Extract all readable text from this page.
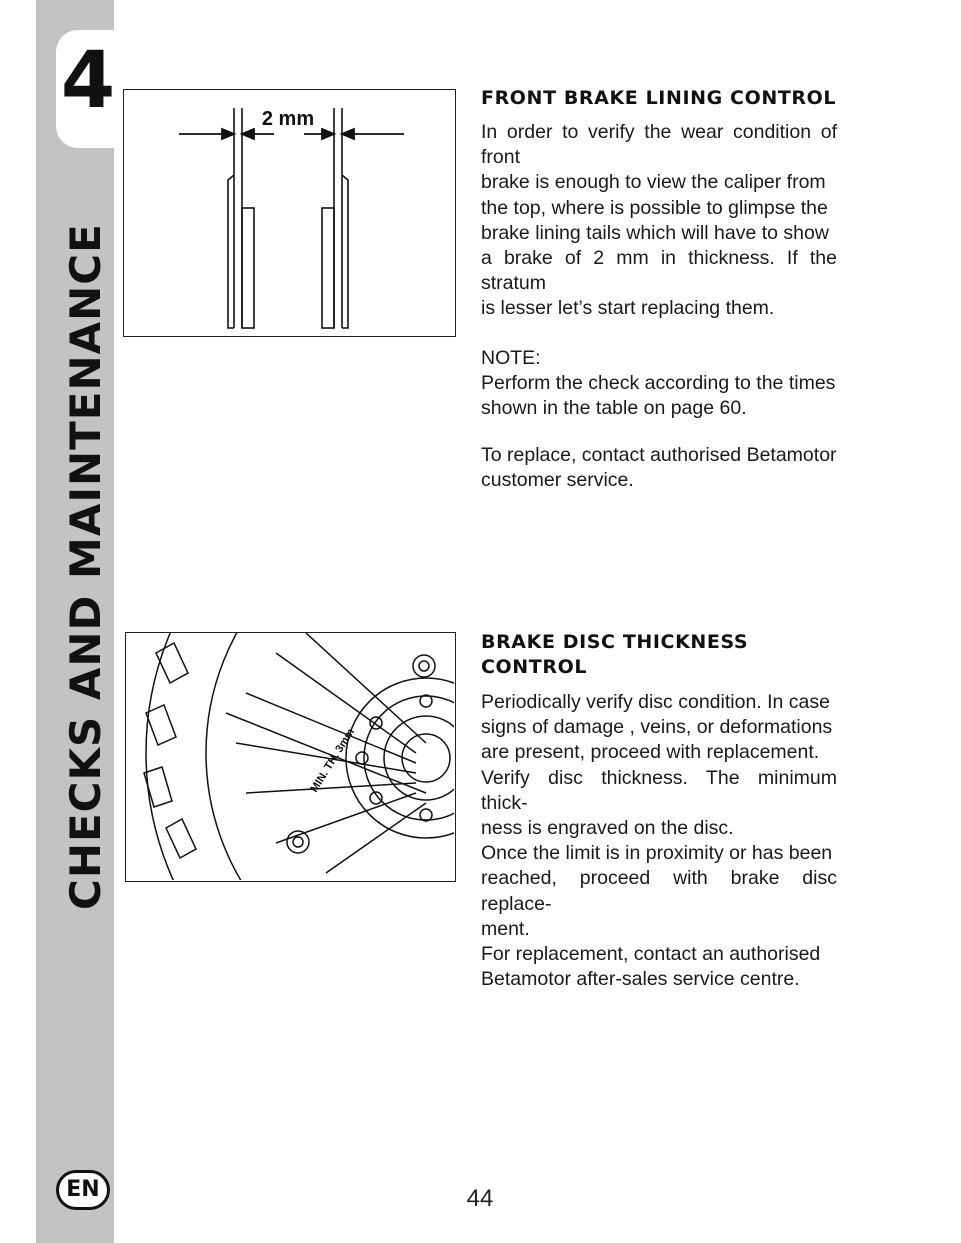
4
CHECKS AND MAINTENANCE
EN
2 mm
MIN. TH. 3mm
FRONT BRAKE LINING CONTROL
In order to verify the wear condition of front
brake is enough to view the caliper from
the top, where is possible to glimpse the
brake lining tails which will have to show
a brake of 2 mm in thickness. If the stratum
is lesser let’s start replacing them.
NOTE:
Perform the check according to the times
shown in the table on page 60.
To replace, contact authorised Betamotor
customer service.
BRAKE DISC THICKNESS
CONTROL
Periodically verify disc condition. In case
signs of damage , veins, or deformations
are present, proceed with replacement.
Verify disc thickness. The minimum thick-
ness is engraved on the disc.
Once the limit is in proximity or has been
reached, proceed with brake disc replace-
ment.
For replacement, contact an authorised
Betamotor after-sales service centre.
44
